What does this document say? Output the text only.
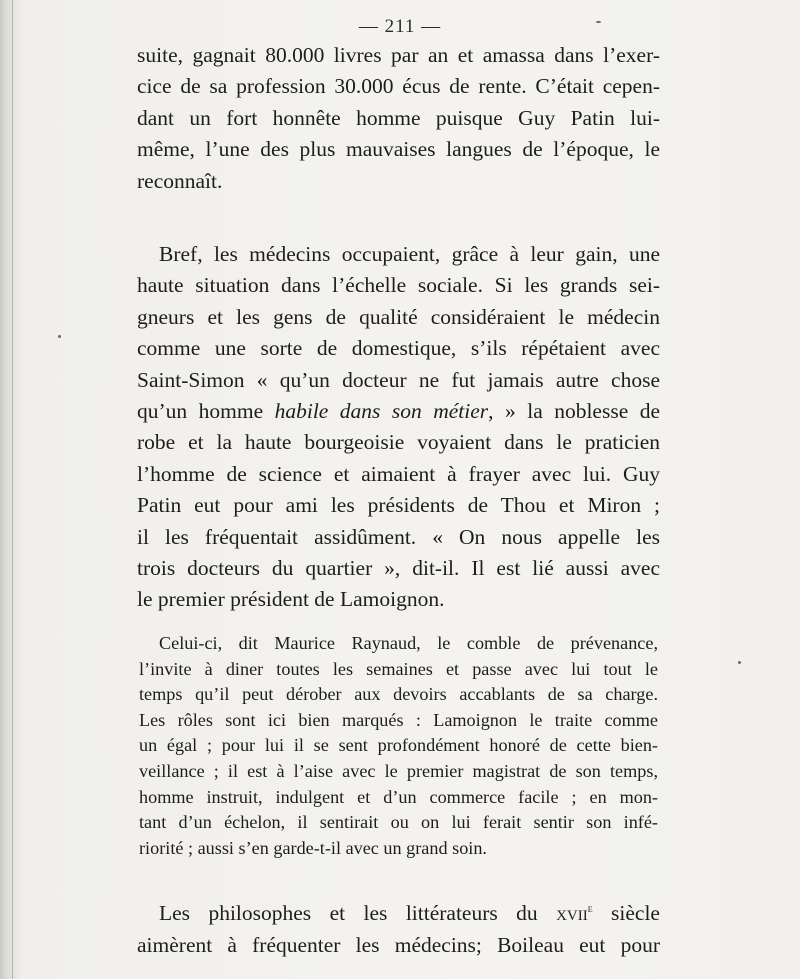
— 211 —

suite, gagnait 80.000 livres par an et amassa dans l’exer-
cice de sa profession 30.000 écus de rente. C’était cepen-
dant un fort honnête homme puisque Guy Patin lui-
même, l’une des plus mauvaises langues de l’époque, le
reconnaît.

Bref, les médecins occupaient, grâce à leur gain, une
haute situation dans l’échelle sociale. Si les grands sei-
gneurs et les gens de qualité considéraient le médecin
comme une sorte de domestique, s’ils répétaient avec
Saint-Simon « qu’un docteur ne fut jamais autre chose
qu’un homme habile dans son métier, » la noblesse de
robe et la haute bourgeoisie voyaient dans le praticien
l’homme de science et aimaient à frayer avec lui. Guy
Patin eut pour ami les présidents de Thou et Miron ;
il les fréquentait assidûment. « On nous appelle les
trois docteurs du quartier », dit-il. Il est lié aussi avec
le premier président de Lamoignon.

Celui-ci, dit Maurice Raynaud, le comble de prévenance,
l’invite à diner toutes les semaines et passe avec lui tout le
temps qu’il peut dérober aux devoirs accablants de sa charge.
Les rôles sont ici bien marqués : Lamoignon le traite comme
un égal ; pour lui il se sent profondément honoré de cette bien-
veillance ; il est à l’aise avec le premier magistrat de son temps,
homme instruit, indulgent et d’un commerce facile ; en mon-
tant d’un échelon, il sentirait ou on lui ferait sentir son infé-
riorité ; aussi s’en garde-t-il avec un grand soin.

Les philosophes et les littérateurs du xvii$^e$ siècle
aimèrent à fréquenter les médecins; Boileau eut pour
